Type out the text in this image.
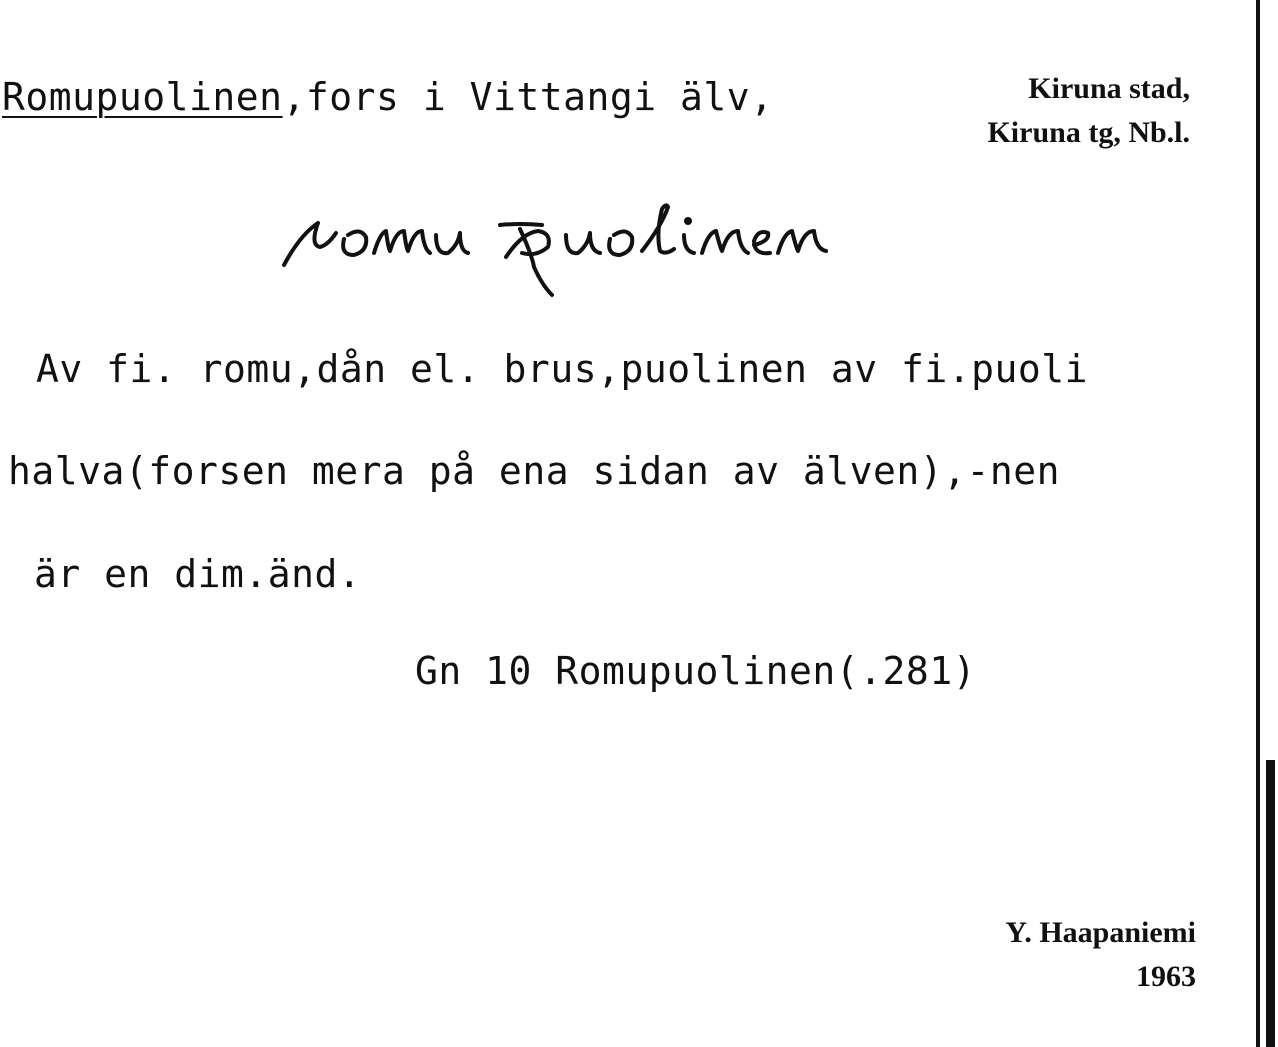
Romupuolinen,fors i Vittangi älv,	Kiruna stad,
Kiruna tg, Nb.l.
Av fi. romu,dån el. brus,puolinen av fi.puoli
halva(forsen mera på ena sidan av älven),-nen
är en dim.änd.
Gn 10 Romupuolinen(.281)
Y. Haapaniemi
1963
